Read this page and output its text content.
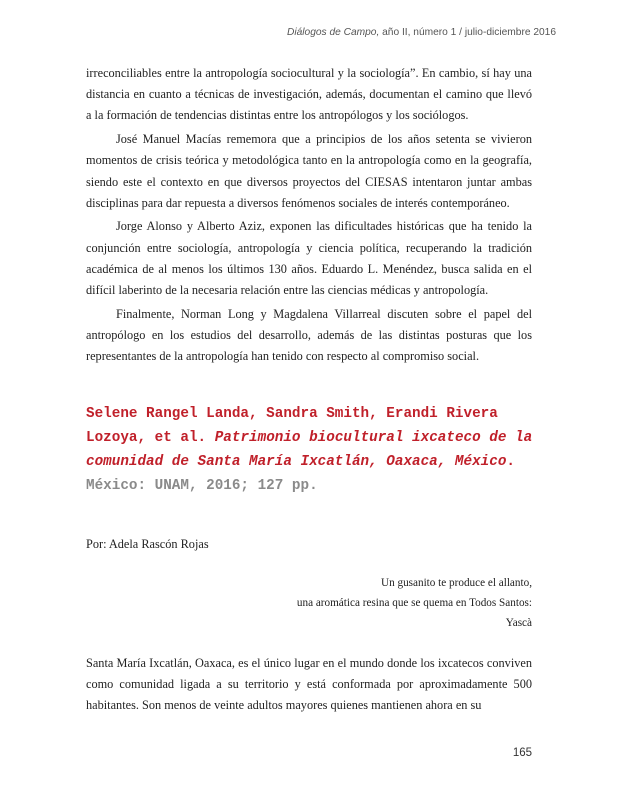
Diálogos de Campo, año II, número 1 / julio-diciembre 2016

irreconciliables entre la antropología sociocultural y la sociología”. En cambio, sí hay una distancia en cuanto a técnicas de investigación, además, documentan el camino que llevó a la formación de tendencias distintas entre los antropólogos y los sociólogos.

José Manuel Macías rememora que a principios de los años setenta se vivieron momentos de crisis teórica y metodológica tanto en la antropología como en la geografía, siendo este el contexto en que diversos proyectos del CIESAS intentaron juntar ambas disciplinas para dar repuesta a diversos fenómenos sociales de interés contemporáneo.

Jorge Alonso y Alberto Aziz, exponen las dificultades históricas que ha tenido la conjunción entre sociología, antropología y ciencia política, recuperando la tradición académica de al menos los últimos 130 años. Eduardo L. Menéndez, busca salida en el difícil laberinto de la necesaria relación entre las ciencias médicas y antropología.

Finalmente, Norman Long y Magdalena Villarreal discuten sobre el papel del antropólogo en los estudios del desarrollo, además de las distintas posturas que los representantes de la antropología han tenido con respecto al compromiso social.

Selene Rangel Landa, Sandra Smith, Erandi Rivera Lozoya, et al. Patrimonio biocultural ixcateco de la comunidad de Santa María Ixcatlán, Oaxaca, México. México: UNAM, 2016; 127 pp.

Por: Adela Rascón Rojas
Un gusanito te produce el allanto,
una aromática resina que se quema en Todos Santos:
Yascà

Santa María Ixcatlán, Oaxaca, es el único lugar en el mundo donde los ixcatecos conviven como comunidad ligada a su territorio y está conformada por aproximadamente 500 habitantes. Son menos de veinte adultos mayores quienes mantienen ahora en su

165
